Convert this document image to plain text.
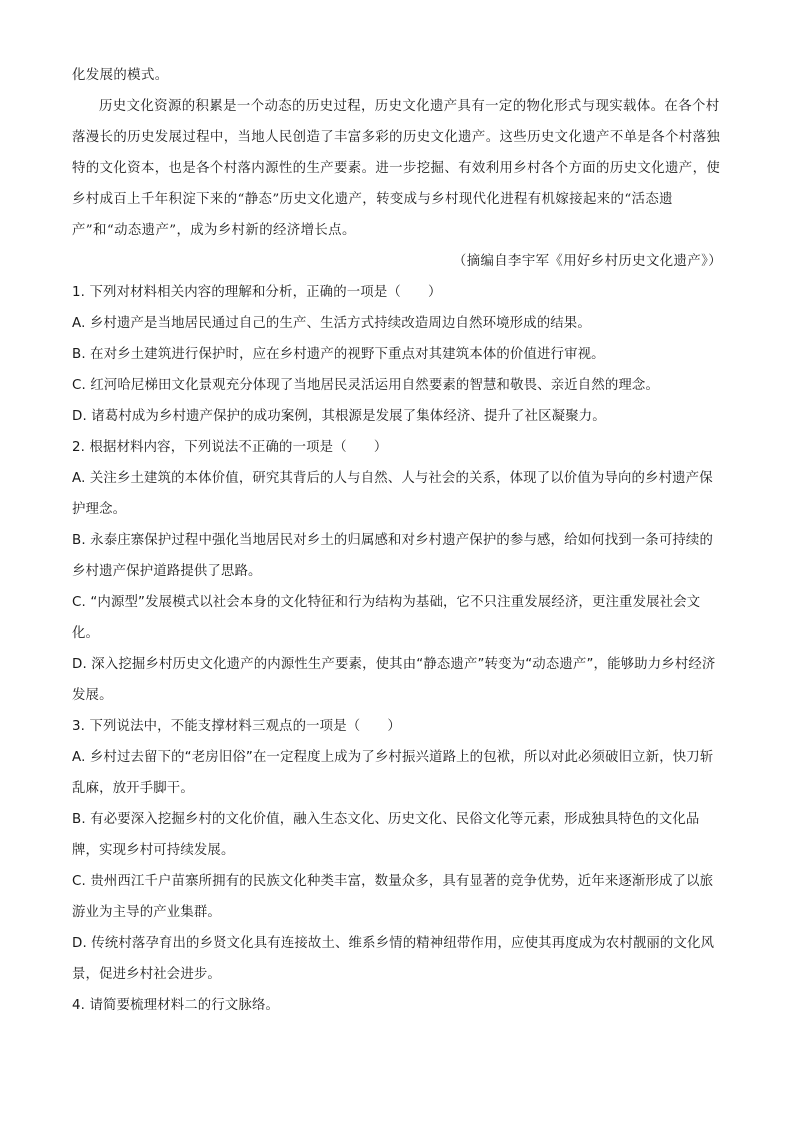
化发展的模式。

历史文化资源的积累是一个动态的历史过程，历史文化遗产具有一定的物化形式与现实载体。在各个村落漫长的历史发展过程中，当地人民创造了丰富多彩的历史文化遗产。这些历史文化遗产不单是各个村落独特的文化资本，也是各个村落内源性的生产要素。进一步挖掘、有效利用乡村各个方面的历史文化遗产，使乡村成百上千年积淀下来的“静态”历史文化遗产，转变成与乡村现代化进程有机嫁接起来的“活态遗产”和“动态遗产”，成为乡村新的经济增长点。

（摘编自李宇军《用好乡村历史文化遗产》）

1. 下列对材料相关内容的理解和分析，正确的一项是（　　）

A. 乡村遗产是当地居民通过自己的生产、生活方式持续改造周边自然环境形成的结果。

B. 在对乡土建筑进行保护时，应在乡村遗产的视野下重点对其建筑本体的价值进行审视。

C. 红河哈尼梯田文化景观充分体现了当地居民灵活运用自然要素的智慧和敬畏、亲近自然的理念。

D. 诸葛村成为乡村遗产保护的成功案例，其根源是发展了集体经济、提升了社区凝聚力。

2. 根据材料内容，下列说法不正确的一项是（　　）

A. 关注乡土建筑的本体价值，研究其背后的人与自然、人与社会的关系，体现了以价值为导向的乡村遗产保护理念。

B. 永泰庄寨保护过程中强化当地居民对乡土的归属感和对乡村遗产保护的参与感，给如何找到一条可持续的乡村遗产保护道路提供了思路。

C. “内源型”发展模式以社会本身的文化特征和行为结构为基础，它不只注重发展经济，更注重发展社会文化。

D. 深入挖掘乡村历史文化遗产的内源性生产要素，使其由“静态遗产”转变为“动态遗产”，能够助力乡村经济发展。

3. 下列说法中，不能支撑材料三观点的一项是（　　）

A. 乡村过去留下的“老房旧俗”在一定程度上成为了乡村振兴道路上的包袱，所以对此必须破旧立新，快刀斩乱麻，放开手脚干。

B. 有必要深入挖掘乡村的文化价值，融入生态文化、历史文化、民俗文化等元素，形成独具特色的文化品牌，实现乡村可持续发展。

C. 贵州西江千户苗寨所拥有的民族文化种类丰富，数量众多，具有显著的竞争优势，近年来逐渐形成了以旅游业为主导的产业集群。

D. 传统村落孕育出的乡贤文化具有连接故土、维系乡情的精神纽带作用，应使其再度成为农村靓丽的文化风景，促进乡村社会进步。

4. 请简要梳理材料二的行文脉络。
